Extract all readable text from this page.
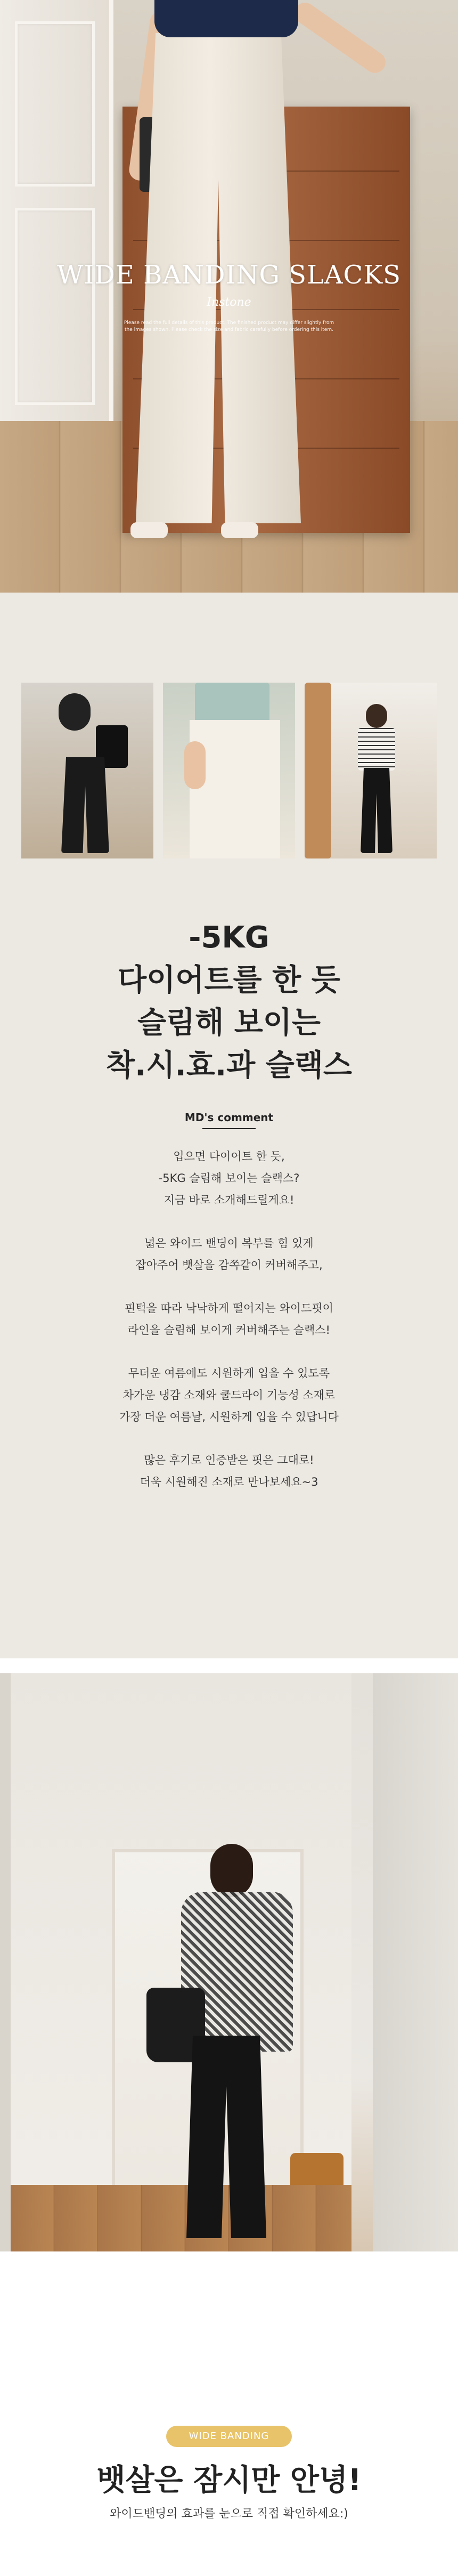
WIDE BANDING SLACKS
Instone
Please read the full details of this product. The finished product may differ slightly from the images shown. Please check the size and fabric carefully before ordering this item.
-5KG
다이어트를 한 듯
슬림해 보이는
착.시.효.과 슬랙스
MD's comment

입으면 다이어트 한 듯,
-5KG 슬림해 보이는 슬랙스?
지금 바로 소개해드릴게요!

넓은 와이드 밴딩이 복부를 힘 있게
잡아주어 뱃살을 감쪽같이 커버해주고,

핀턱을 따라 낙낙하게 떨어지는 와이드핏이
라인을 슬림해 보이게 커버해주는 슬랙스!

무더운 여름에도 시원하게 입을 수 있도록
차가운 냉감 소재와 쿨드라이 기능성 소재로
가장 더운 여름날, 시원하게 입을 수 있답니다

많은 후기로 인증받은 핏은 그대로!
더욱 시원해진 소재로 만나보세요~3

WIDE BANDING
뱃살은 잠시만 안녕!
와이드밴딩의 효과를 눈으로 직접 확인하세요:)
